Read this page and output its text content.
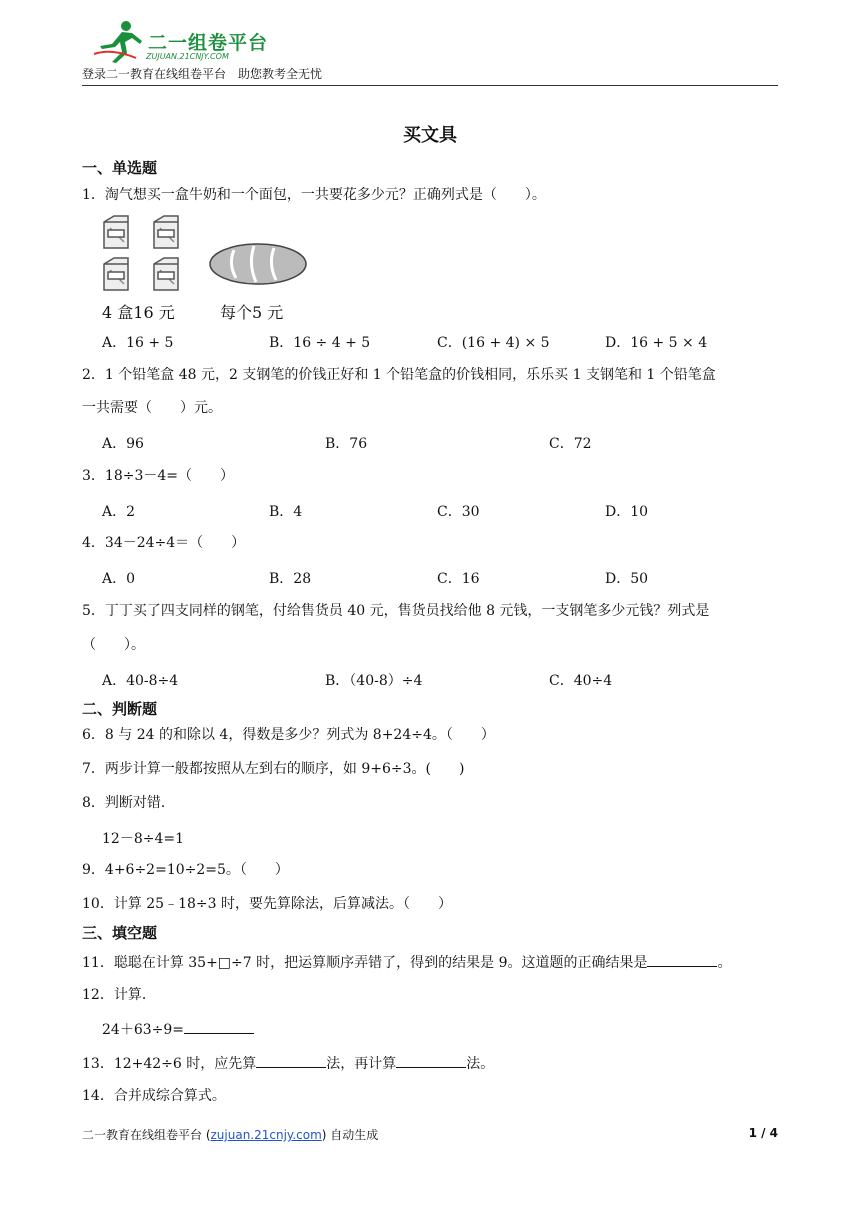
二一组卷平台
ZUJUAN.21CNJY.COM
登录二一教育在线组卷平台　助您教考全无忧
买文具
一、单选题
1．淘气想买一盒牛奶和一个面包，一共要花多少元？正确列式是（　　）。
4 盒16 元	每个5 元
A．16 + 5	B．16 ÷ 4 + 5	C．(16 + 4) × 5	D．16 + 5 × 4
2．1 个铅笔盒 48 元，2 支钢笔的价钱正好和 1 个铅笔盒的价钱相同，乐乐买 1 支钢笔和 1 个铅笔盒
一共需要（　　）元。
A．96	B．76	C．72
3．18÷3－4=（　　）
A．2	B．4	C．30	D．10
4．34－24÷4＝（　　）
A．0	B．28	C．16	D．50
5．丁丁买了四支同样的钢笔，付给售货员 40 元，售货员找给他 8 元钱，一支钢笔多少元钱？列式是
（　　）。
A．40-8÷4	B．（40-8）÷4	C．40÷4
二、判断题
6．8 与 24 的和除以 4，得数是多少？列式为 8+24÷4。（　　）
7．两步计算一般都按照从左到右的顺序，如 9+6÷3。(　　)
8．判断对错．
12－8÷4=1
9．4+6÷2=10÷2=5。（　　）
10．计算 25﹣18÷3 时，要先算除法，后算减法。（　　）
三、填空题
11．聪聪在计算 35+□÷7 时，把运算顺序弄错了，得到的结果是 9。这道题的正确结果是	。
12．计算．
24＋63÷9=
13．12+42÷6 时，应先算	法，再计算	法。
14．合并成综合算式。
二一教育在线组卷平台 (zujuan.21cnjy.com) 自动生成	1 / 4
